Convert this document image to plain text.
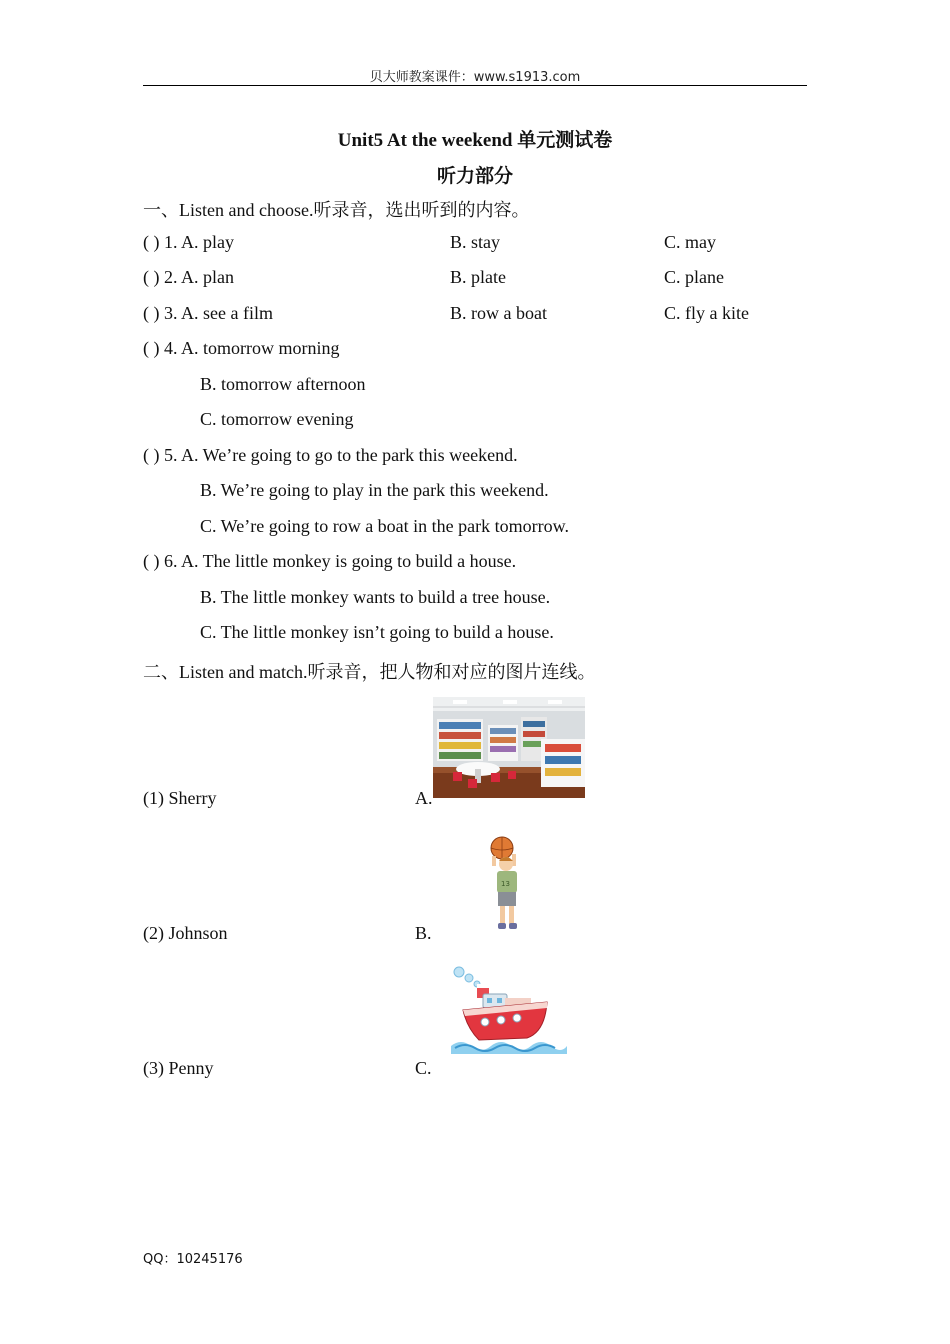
贝大师教案课件：www.s1913.com
Unit5 At the weekend 单元测试卷
听力部分
一、Listen and choose.听录音，选出听到的内容。
( ) 1. A. play	B. stay	C. may
( ) 2. A. plan	B. plate	C. plane
( ) 3. A. see a film	B. row a boat	C. fly a kite
( ) 4. A. tomorrow morning
B. tomorrow afternoon
C. tomorrow evening
( ) 5. A. We’re going to go to the park this weekend.
B. We’re going to play in the park this weekend.
C. We’re going to row a boat in the park tomorrow.
( ) 6. A. The little monkey is going to build a house.
B. The little monkey wants to build a tree house.
C. The little monkey isn’t going to build a house.
二、Listen and match.听录音，把人物和对应的图片连线。
13
(1) Sherry	A.
(2) Johnson	B.
(3) Penny	C.
QQ：10245176
